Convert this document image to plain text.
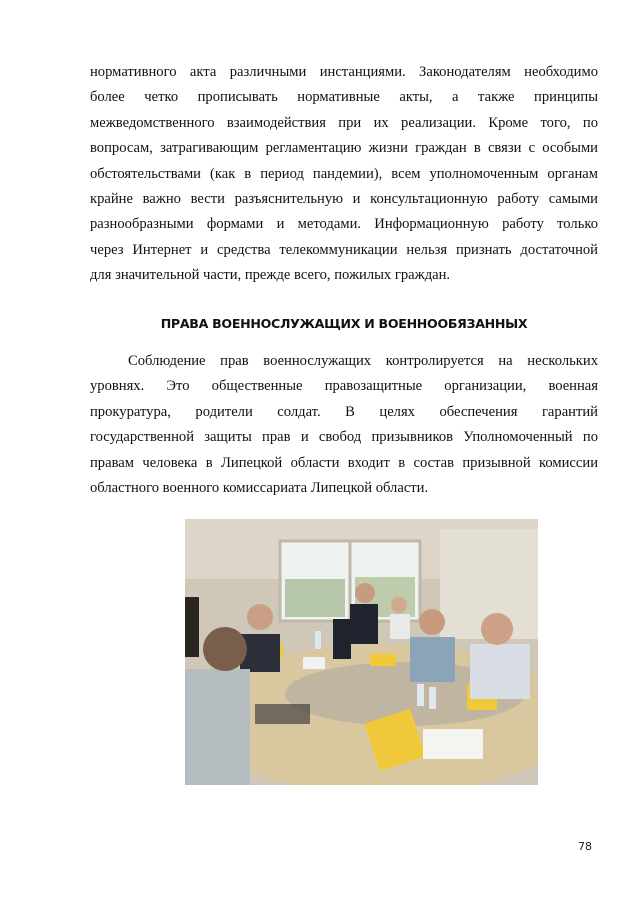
нормативного акта различными инстанциями. Законодателям необходимо
более четко прописывать нормативные акты, а также принципы
межведомственного взаимодействия при их реализации. Кроме того, по
вопросам, затрагивающим регламентацию жизни граждан в связи с особыми
обстоятельствами (как в период пандемии), всем уполномоченным органам
крайне важно вести разъяснительную и консультационную работу самыми
разнообразными формами и методами. Информационную работу только
через Интернет и средства телекоммуникации нельзя признать достаточной
для значительной части, прежде всего, пожилых граждан.
ПРАВА ВОЕННОСЛУЖАЩИХ И ВОЕННООБЯЗАННЫХ
Соблюдение прав военнослужащих контролируется на нескольких
уровнях. Это общественные правозащитные организации, военная
прокуратура, родители солдат. В целях обеспечения гарантий
государственной защиты прав и свобод призывников Уполномоченный по
правам человека в Липецкой области входит в состав призывной комиссии
областного военного комиссариата Липецкой области.
78
